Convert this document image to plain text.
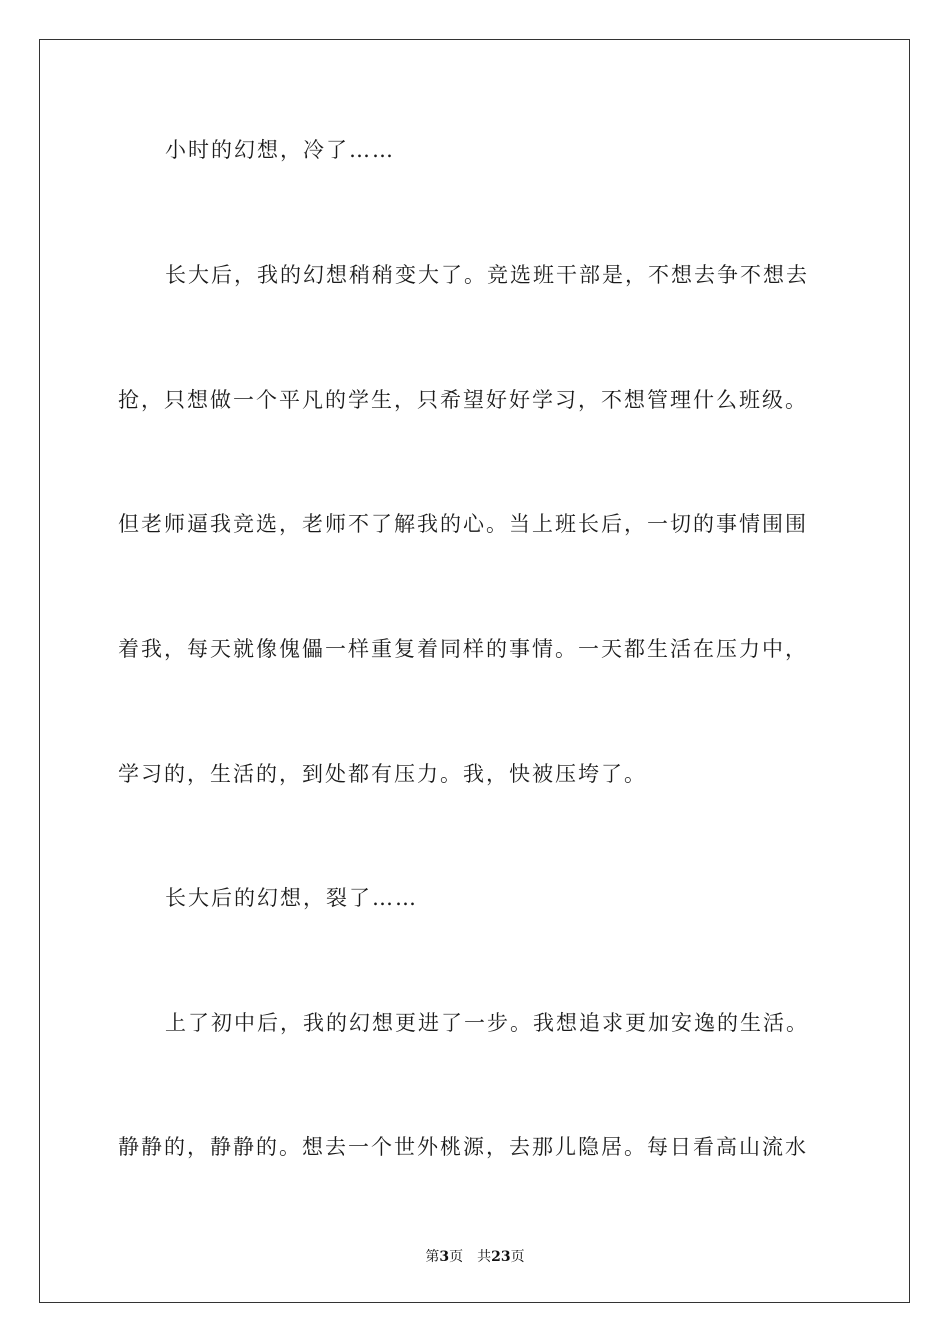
小时的幻想，冷了……
长大后，我的幻想稍稍变大了。竞选班干部是，不想去争不想去
抢，只想做一个平凡的学生，只希望好好学习，不想管理什么班级。
但老师逼我竞选，老师不了解我的心。当上班长后，一切的事情围围
着我，每天就像傀儡一样重复着同样的事情。一天都生活在压力中，
学习的，生活的，到处都有压力。我，快被压垮了。
长大后的幻想，裂了……
上了初中后，我的幻想更进了一步。我想追求更加安逸的生活。
静静的，静静的。想去一个世外桃源，去那儿隐居。每日看高山流水
第3页 共23页
